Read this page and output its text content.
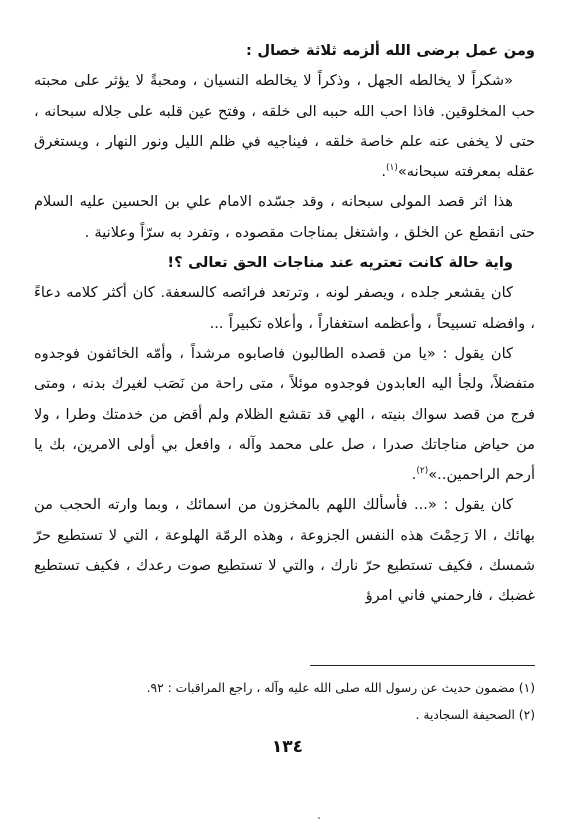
ومن عمل برضى الله ألزمه ثلاثة خصال :

«شكراً لا يخالطه الجهل ، وذكراً لا يخالطه النسيان ، ومحبةً لا يؤثر على محبته حب المخلوقين. فاذا احب الله حببه الى خلقه ، وفتح عين قلبه على جلاله سبحانه ، حتى لا يخفى عنه علم خاصة خلقه ، فيناجيه في ظلم الليل ونور النهار ، ويستغرق عقله بمعرفته سبحانه»$^{(١)}$.

هذا اثر قصد المولى سبحانه ، وقد جسّده الامام علي بن الحسين عليه السلام حتى انقطع عن الخلق ، واشتغل بمناجات مقصوده ، وتفرد به سرّاً وعلانية .

واية حالة كانت تعتريه عند مناجات الحق تعالى ؟!

كان يقشعر جلده ، ويصفر لونه ، وترتعد فرائصه كالسعفة. كان أكثر كلامه دعاءً ، وافضله تسبيحاً ، وأعظمه استغفاراً ، وأعلاه تكبيراً ...

كان يقول : «يا من قصده الطالبون فاصابوه مرشداً ، وأمّه الخائفون فوجدوه متفضلاً، ولجأ اليه العابدون فوجدوه موئلاً ، متى راحة من نَصَب لغيرك بدنه ، ومتى فرج من قصد سواك بنيته ، الهي قد تقشع الظلام ولم أقض من خدمتك وطرا ، ولا من حياض مناجاتك صدرا ، صل على محمد وآله ، وافعل بي أولى الامرين، بك يا أرحم الراحمين..»$^{(٢)}$.

كان يقول : «... فأسألك اللهم بالمخزون من اسمائك ، وبما وارته الحجب من بهائك ، الا رَحِمْتَ هذه النفس الجزوعة ، وهذه الرمّة الهلوعة ، التي لا تستطيع حرّ شمسك ، فكيف تستطيع حرّ نارك ، والتي لا تستطيع صوت رعدك ، فكيف تستطيع غضبك ، فارحمني فاني امرؤ

(١) مضمون حديث عن رسول الله صلى الله عليه وآله ، راجع المراقبات : ٩٢.
(٢) الصحيفة السجادية .
١٣٤
